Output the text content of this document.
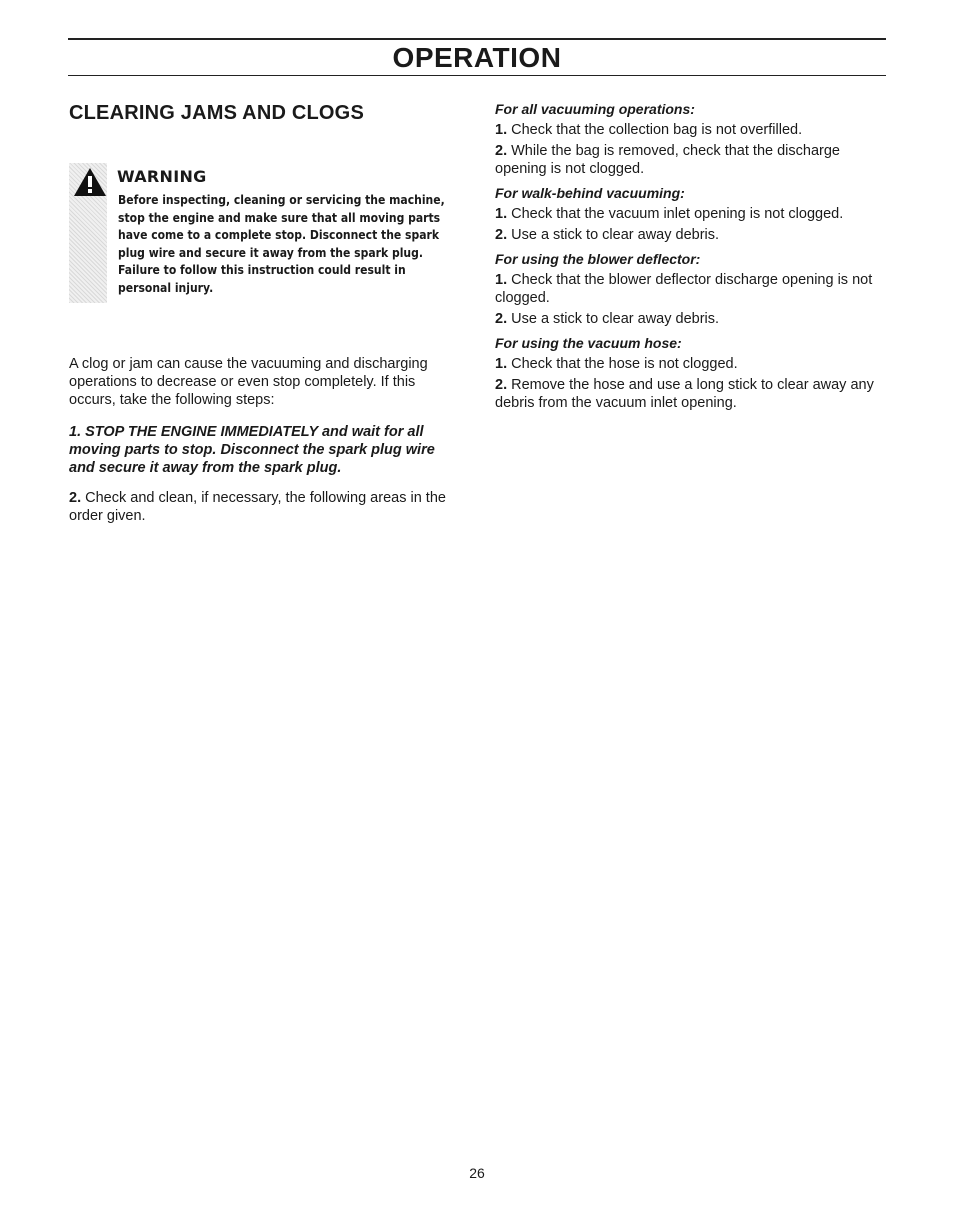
OPERATION
CLEARING JAMS AND CLOGS
WARNING

Before inspecting, cleaning or servicing the machine, stop the engine and make sure that all moving parts have come to a complete stop. Disconnect the spark plug wire and secure it away from the spark plug. Failure to follow this instruction could result in personal injury.

A clog or jam can cause the vacuuming and discharging operations to decrease or even stop completely. If this occurs, take the following steps:

1. STOP THE ENGINE IMMEDIATELY and wait for all moving parts to stop. Disconnect the spark plug wire and secure it away from the spark plug.

2. Check and clean, if necessary, the following areas in the order given.

For all vacuuming operations:

1. Check that the collection bag is not overfilled.

2. While the bag is removed, check that the discharge opening is not clogged.

For walk-behind vacuuming:

1. Check that the vacuum inlet opening is not clogged.

2. Use a stick to clear away debris.

For using the blower deflector:

1. Check that the blower deflector discharge opening is not clogged.

2. Use a stick to clear away debris.

For using the vacuum hose:

1. Check that the hose is not clogged.

2. Remove the hose and use a long stick to clear away any debris from the vacuum inlet opening.

26
